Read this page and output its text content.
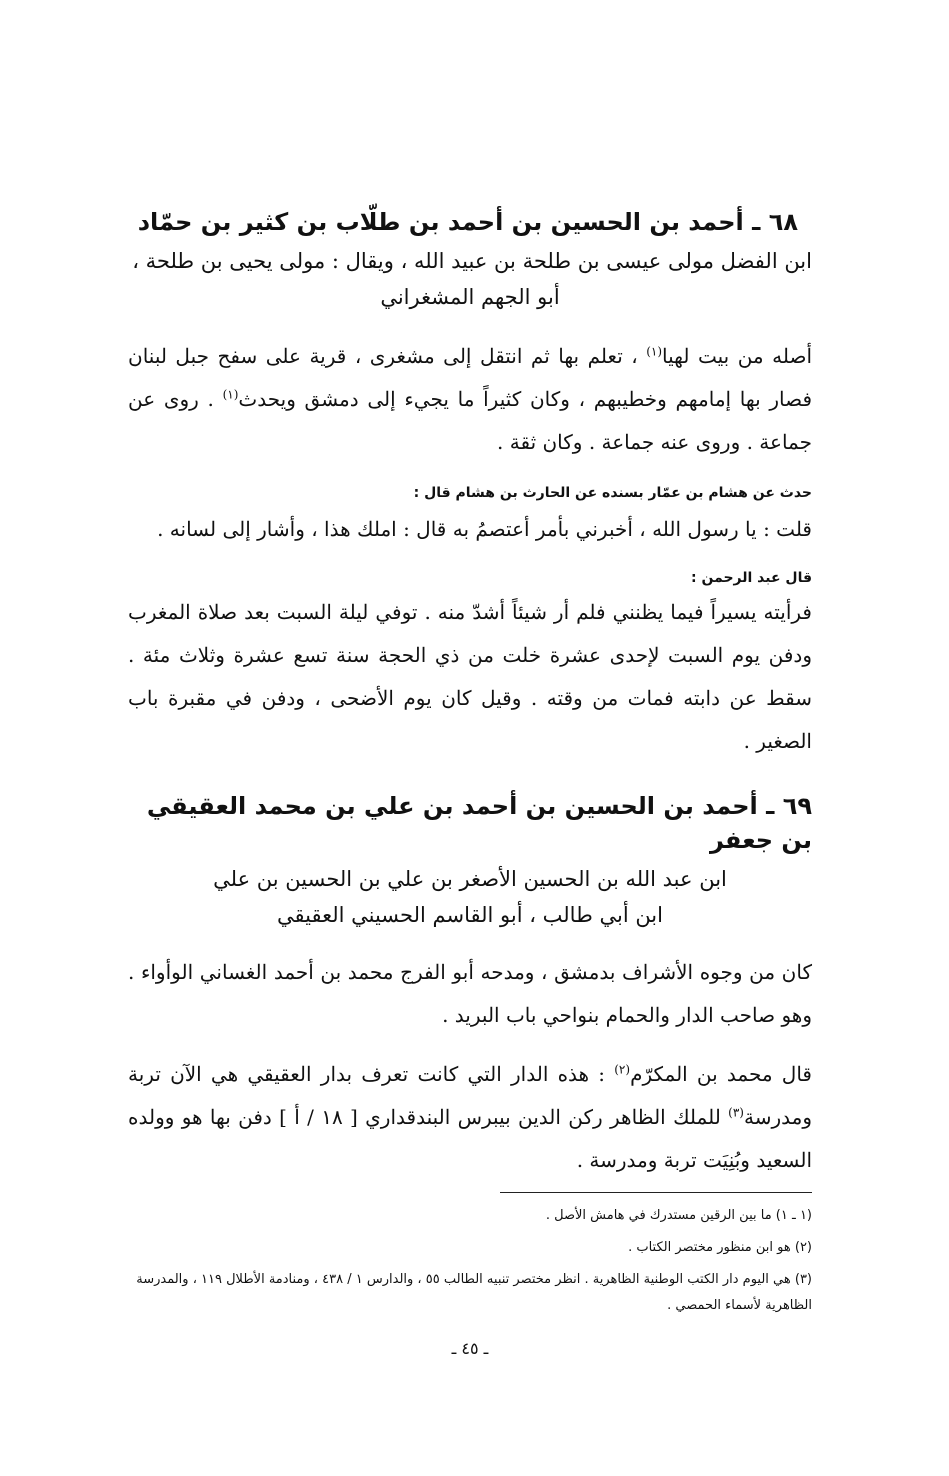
٦٨ ـ أحمد بن الحسين بن أحمد بن طلّاب بن كثير بن حمّاد

ابن الفضل مولى عيسى بن طلحة بن عبيد الله ، ويقال : مولى يحيى بن طلحة ،

أبو الجهم المشغراني

أصله من بيت لهيا$^{(١)}$ ، تعلم بها ثم انتقل إلى مشغرى ، قرية على سفح جبل لبنان فصار بها إمامهم وخطيبهم ، وكان كثيراً ما يجيء إلى دمشق ويحدث$^{(١)}$ . روى عن جماعة . وروى عنه جماعة . وكان ثقة .

حدث عن هشام بن عمّار بسنده عن الحارث بن هشام قال :

قلت : يا رسول الله ، أخبرني بأمر أعتصمُ به قال : املك هذا ، وأشار إلى لسانه .

قال عبد الرحمن :

فرأيته يسيراً فيما يظنني فلم أر شيئاً أشدّ منه . توفي ليلة السبت بعد صلاة المغرب ودفن يوم السبت لإحدى عشرة خلت من ذي الحجة سنة تسع عشرة وثلاث مئة . سقط عن دابته فمات من وقته . وقيل كان يوم الأضحى ، ودفن في مقبرة باب الصغير .

٦٩ ـ أحمد بن الحسين بن أحمد بن علي بن محمد العقيقي بن جعفر

ابن عبد الله بن الحسين الأصغر بن علي بن الحسين بن علي

ابن أبي طالب ، أبو القاسم الحسيني العقيقي

كان من وجوه الأشراف بدمشق ، ومدحه أبو الفرج محمد بن أحمد الغساني الوأواء . وهو صاحب الدار والحمام بنواحي باب البريد .

قال محمد بن المكرّم$^{(٢)}$ : هذه الدار التي كانت تعرف بدار العقيقي هي الآن تربة ومدرسة$^{(٣)}$ للملك الظاهر ركن الدين بيبرس البندقداري [ ١٨ / أ ] دفن بها هو وولده السعيد وبُنِيَت تربة ومدرسة .

(١ ـ ١) ما بين الرقين مستدرك في هامش الأصل .

(٢) هو ابن منظور مختصر الكتاب .

(٣) هي اليوم دار الكتب الوطنية الظاهرية . انظر مختصر تنبيه الطالب ٥٥ ، والدارس ١ / ٤٣٨ ، ومنادمة الأطلال ١١٩ ، والمدرسة الظاهرية لأسماء الحمصي .

ـ ٤٥ ـ
